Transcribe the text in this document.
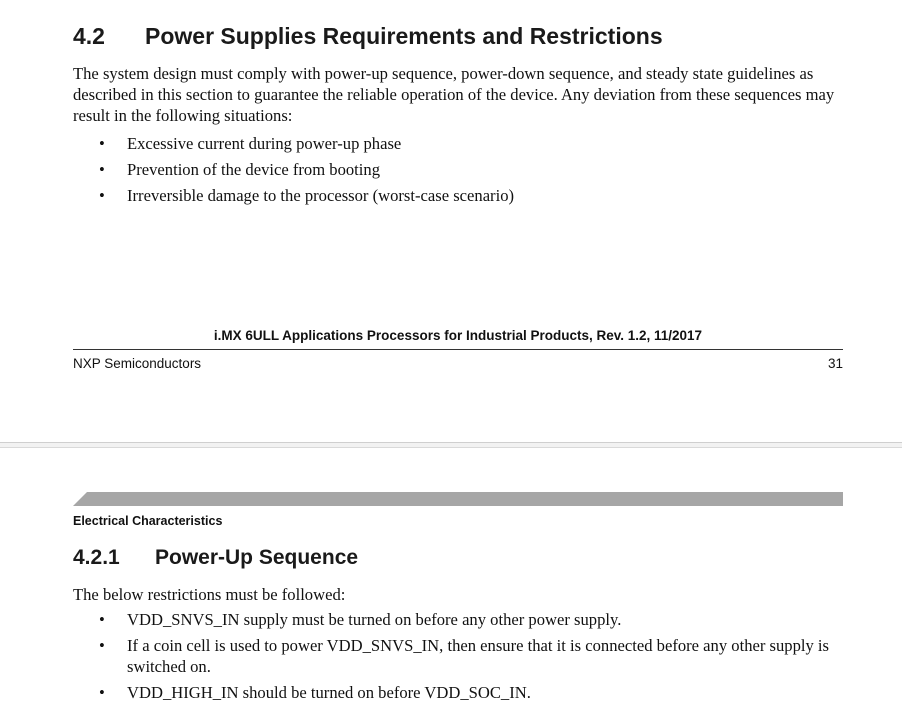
4.2 Power Supplies Requirements and Restrictions
The system design must comply with power-up sequence, power-down sequence, and steady state guidelines as described in this section to guarantee the reliable operation of the device. Any deviation from these sequences may result in the following situations:
• Excessive current during power-up phase
• Prevention of the device from booting
• Irreversible damage to the processor (worst-case scenario)
i.MX 6ULL Applications Processors for Industrial Products, Rev. 1.2, 11/2017
NXP Semiconductors	31
Electrical Characteristics
4.2.1 Power-Up Sequence
The below restrictions must be followed:
• VDD_SNVS_IN supply must be turned on before any other power supply.
• If a coin cell is used to power VDD_SNVS_IN, then ensure that it is connected before any other supply is switched on.
• VDD_HIGH_IN should be turned on before VDD_SOC_IN.
